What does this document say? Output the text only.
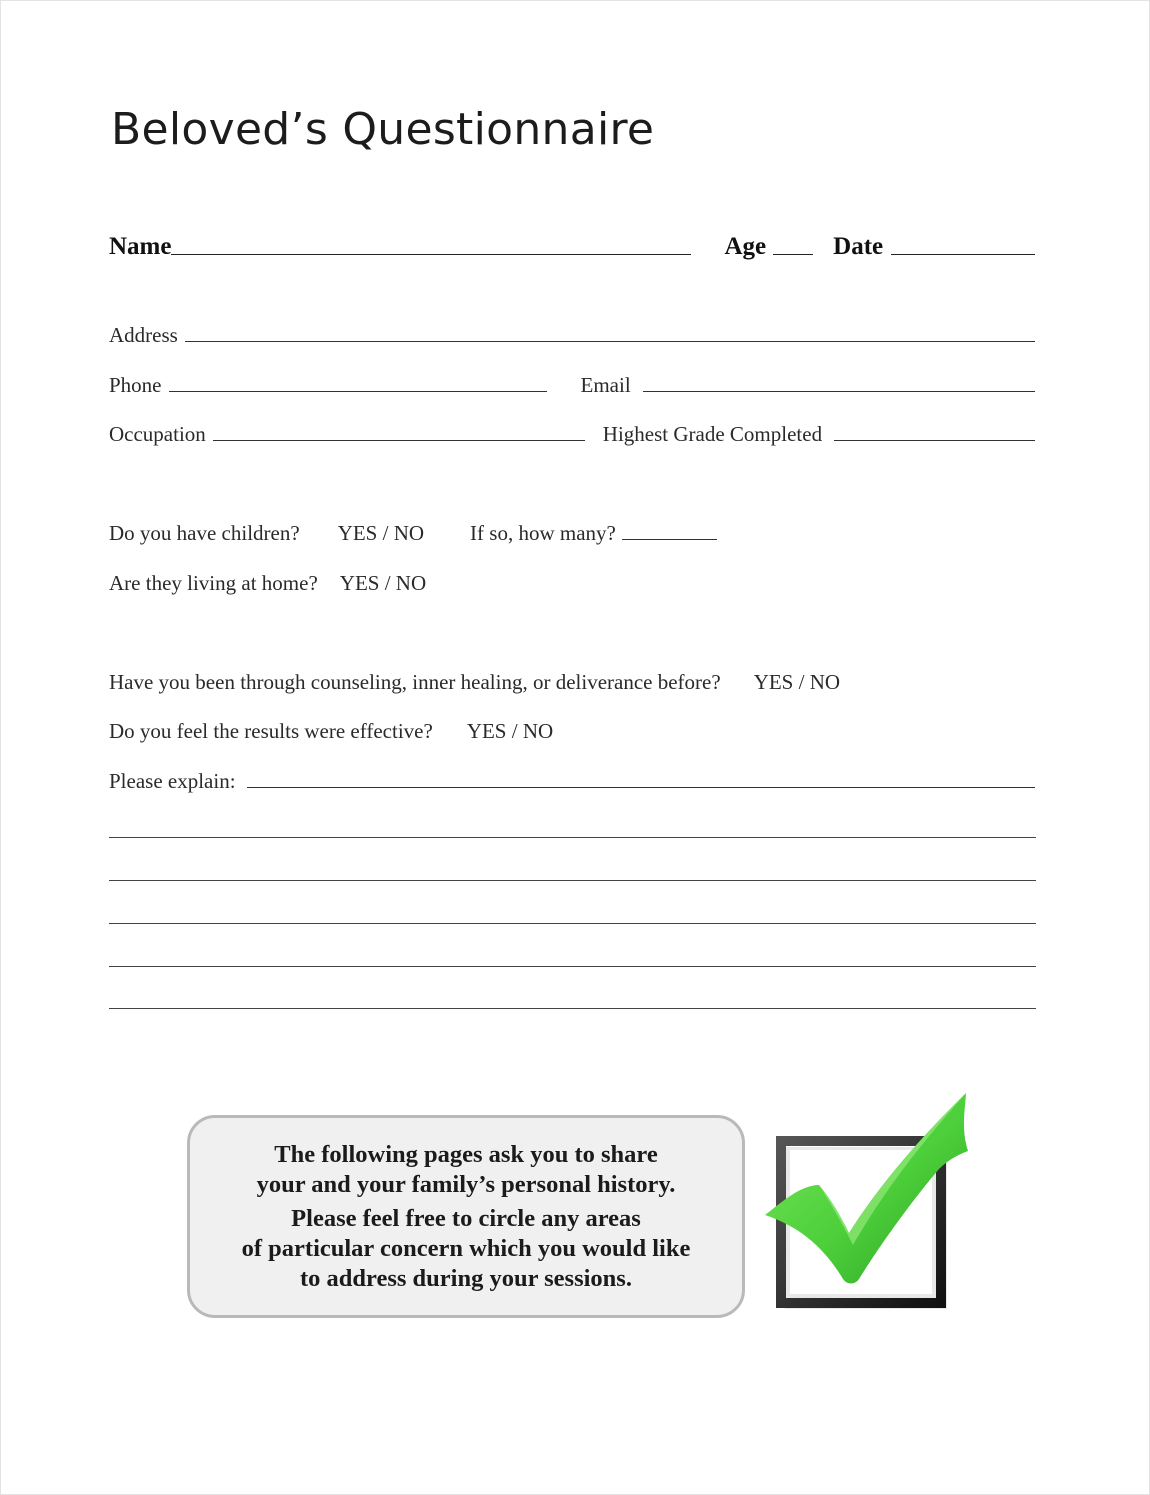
Beloved’s Questionnaire
Name	Age	Date
Address
Phone	Email
Occupation	Highest Grade Completed
Do you have children? YES / NO If so, how many?
Are they living at home? YES / NO
Have you been through counseling, inner healing, or deliverance before? YES / NO
Do you feel the results were effective? YES / NO
Please explain:
The following pages ask you to share
your and your family’s personal history.
Please feel free to circle any areas
of particular concern which you would like
to address during your sessions.
